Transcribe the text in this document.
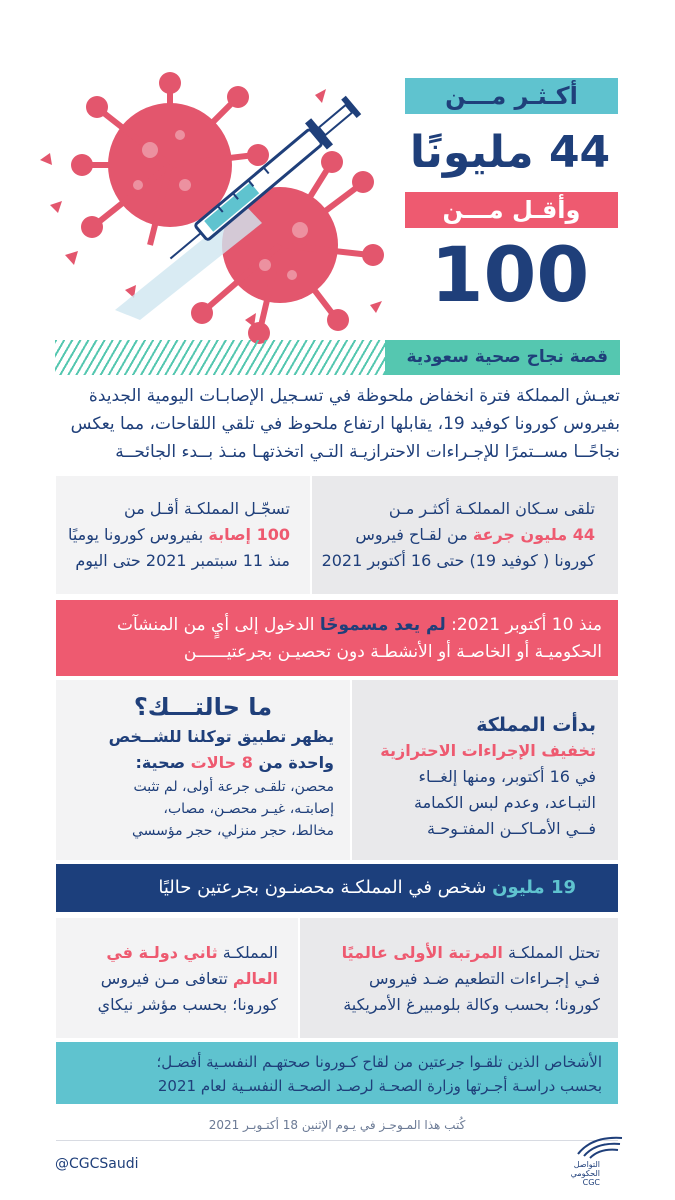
أكـثـر مـــن
44 مليونًا
وأقـل مـــن
100
قصة نجاح صحية سعودية
تعيـش المملكة فترة انخفاض ملحوظة في تسـجيل الإصابـات اليومية الجديدة
بفيروس كورونا كوفيد 19، يقابلها ارتفاع ملحوظ في تلقي اللقاحات، مما يعكس
نجاحًــا مســتمرًا للإجـراءات الاحترازيـة التـي اتخذتهـا منـذ بــدء الجائحــة
تلقى سـكان المملكـة أكثـر مـن
44 مليون جرعة من لقـاح فيروس
كورونا ( كوفيد 19) حتى 16 أكتوبر 2021
تسجّـل المملكـة أقـل من
100 إصابة بفيروس كورونا يوميًا
منذ 11 سبتمبر 2021 حتى اليوم
منذ 10 أكتوبر 2021: لم يعد مسموحًا الدخول إلى أيٍ من المنشآت
الحكوميـة أو الخاصـة أو الأنشطـة دون تحصيـن بجرعتيــــــن
بدأت المملكة
تخفيف الإجراءات الاحترازية
في 16 أكتوبر، ومنها إلغــاء
التبـاعد، وعدم لبس الكمامة
فــي الأمـاكــن المفتـوحـة
ما حالتـــك؟
يظهر تطبيق توكلنا للشــخص
واحدة من 8 حالات صحية:
محصن، تلقـى جرعة أولى، لم تثبت
إصابتـه، غيـر محصـن، مصاب،
مخالط، حجر منزلي، حجر مؤسسي
19 مليون شخص في المملكـة محصنـون بجرعتين حاليًا
تحتل المملكـة المرتبة الأولى عالميًا
فـي إجـراءات التطعيم ضـد فيروس
كورونا؛ بحسب وكالة بلومبيرغ الأمريكية
المملكـة ثاني دولـة في
العالم تتعافى مـن فيروس
كورونا؛ بحسب مؤشر نيكاي
الأشخاص الذين تلقـوا جرعتين من لقاح كـورونا صحتهـم النفسـية أفضـل؛
بحسب دراسـة أجـرتها وزارة الصحـة لرصـد الصحـة النفسـية لعام 2021
كُتب هذا المـوجـز في يـوم الإثنين 18 أكتـوبـر 2021
@CGCSaudi	التواصل
الحكومي
CGC
